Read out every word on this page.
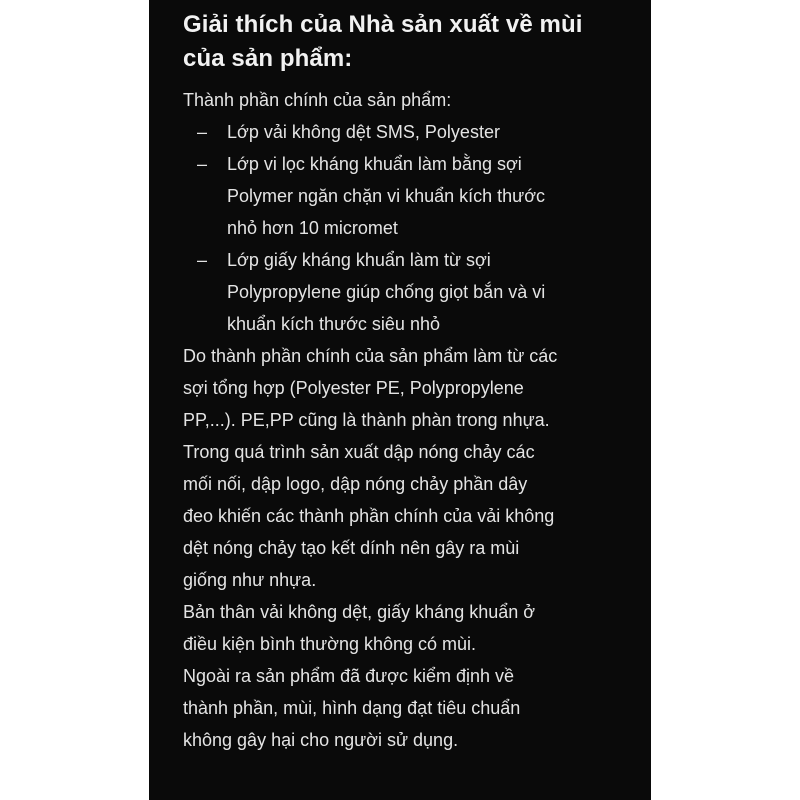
Giải thích của Nhà sản xuất về mùi
của sản phẩm:

Thành phần chính của sản phẩm:

– Lớp vải không dệt SMS, Polyester
– Lớp vi lọc kháng khuẩn làm bằng sợi
Polymer ngăn chặn vi khuẩn kích thước
nhỏ hơn 10 micromet
– Lớp giấy kháng khuẩn làm từ sợi
Polypropylene giúp chống giọt bắn và vi
khuẩn kích thước siêu nhỏ
Do thành phần chính của sản phẩm làm từ các
sợi tổng hợp (Polyester PE, Polypropylene
PP,...). PE,PP cũng là thành phàn trong nhựa.
Trong quá trình sản xuất dập nóng chảy các
mối nối, dập logo, dập nóng chảy phần dây
đeo khiến các thành phần chính của vải không
dệt nóng chảy tạo kết dính nên gây ra mùi
giống như nhựa.
Bản thân vải không dệt, giấy kháng khuẩn ở
điều kiện bình thường không có mùi.
Ngoài ra sản phẩm đã được kiểm định về
thành phần, mùi, hình dạng đạt tiêu chuẩn
không gây hại cho người sử dụng.
